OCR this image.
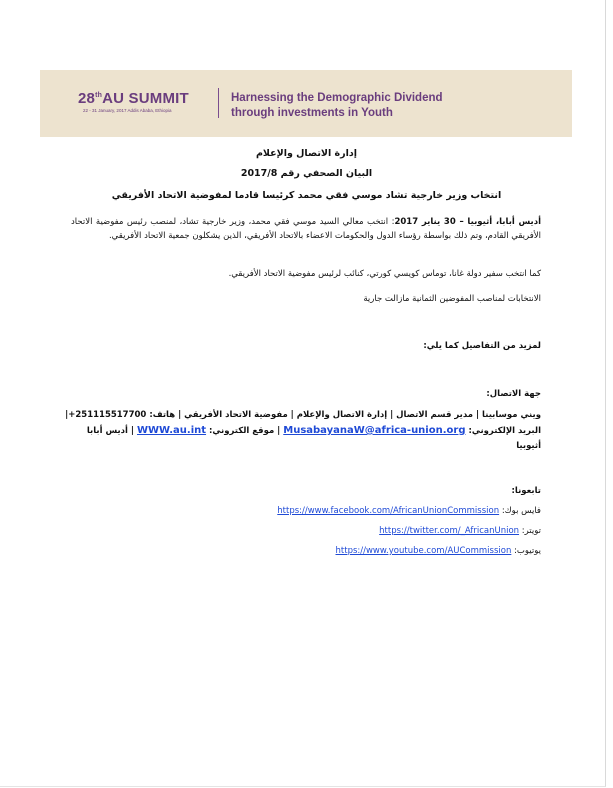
28thAU SUMMIT
22 - 31 January, 2017 Addis Ababa, Ethiopia
Harnessing the Demographic Dividend
through investments in Youth
إدارة الاتصال والإعلام
البيان الصحفي رقم 2017/8
انتخاب وزير خارجية تشاد موسي فقي محمد كرئيسا قادما لمفوضية الاتحاد الأفريقي
أديس أبابا، أثيوبيا – 30 يناير 2017: انتخب معالي السيد موسي فقي محمد، وزير خارجية تشاد، لمنصب رئيس مفوضية الاتحاد الأفريقي القادم، وتم ذلك بواسطة رؤساء الدول والحكومات الاعضاء بالاتحاد الأفريقي، الذين يشكلون جمعية الاتحاد الأفريقي.
كما انتخب سفير دولة غانا، توماس كويسي كورتي، كنائب لرئيس مفوضية الاتحاد الأفريقي.
الانتخابات لمناصب المفوضين الثمانية مازالت جارية
لمزيد من التفاصيل كما يلي:
جهة الاتصال:
ويني موسابينا | مدير قسم الاتصال | إدارة الاتصال والإعلام | مفوضية الاتحاد الأفريقي | هاتف: +251115517700|
البريد الإلكتروني: MusabayanaW@africa-union.org | موقع الكتروني: WWW.au.int | أديس أبابا
أثيوبيا
تابعونا:
فايس بوك: https://www.facebook.com/AfricanUnionCommission
تويتر: https://twitter.com/_AfricanUnion
يوتيوب: https://www.youtube.com/AUCommission
